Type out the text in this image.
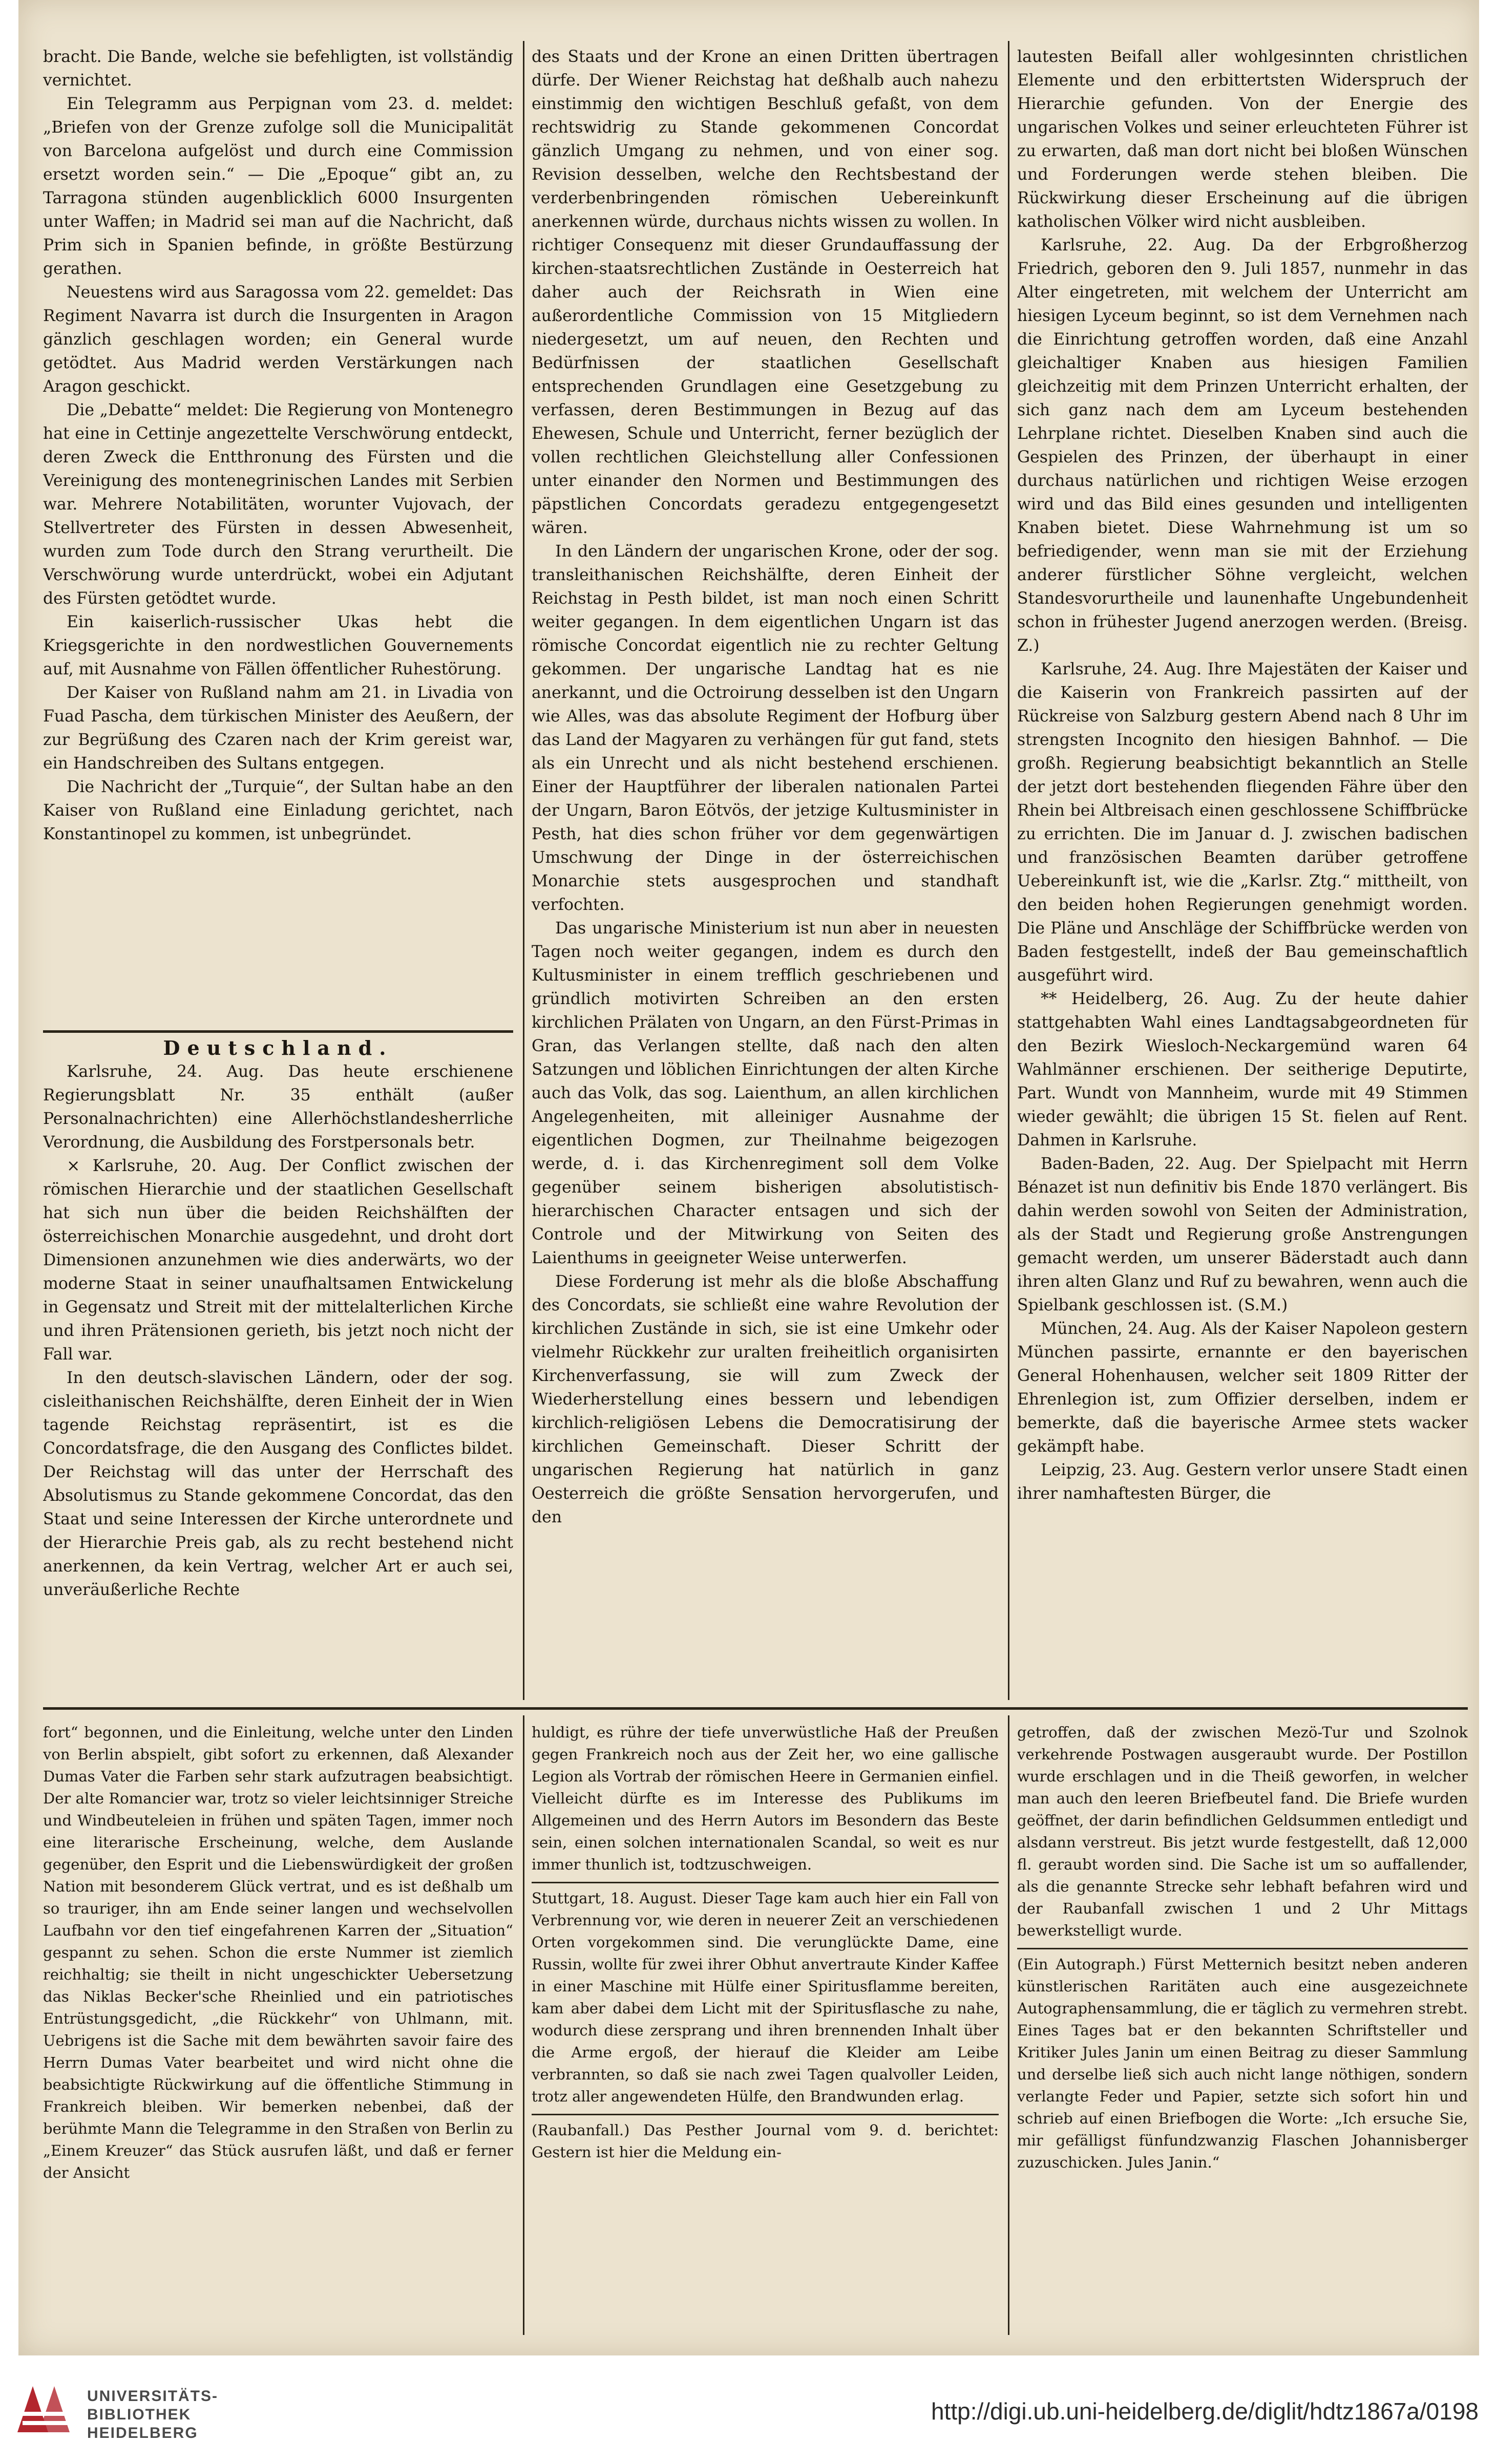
bracht. Die Bande, welche sie befehligten, ist vollständig vernichtet.

Ein Telegramm aus Perpignan vom 23. d. meldet: „Briefen von der Grenze zufolge soll die Municipalität von Barcelona aufgelöst und durch eine Commission ersetzt worden sein.“ — Die „Epoque“ gibt an, zu Tarragona stünden augenblicklich 6000 Insurgenten unter Waffen; in Madrid sei man auf die Nachricht, daß Prim sich in Spanien befinde, in größte Bestürzung gerathen.

Neuestens wird aus Saragossa vom 22. gemeldet: Das Regiment Navarra ist durch die Insurgenten in Aragon gänzlich geschlagen worden; ein General wurde getödtet. Aus Madrid werden Verstärkungen nach Aragon geschickt.

Die „Debatte“ meldet: Die Regierung von Montenegro hat eine in Cettinje angezettelte Verschwörung entdeckt, deren Zweck die Entthronung des Fürsten und die Vereinigung des montenegrinischen Landes mit Serbien war. Mehrere Notabilitäten, worunter Vujovach, der Stellvertreter des Fürsten in dessen Abwesenheit, wurden zum Tode durch den Strang verurtheilt. Die Verschwörung wurde unterdrückt, wobei ein Adjutant des Fürsten getödtet wurde.

Ein kaiserlich-russischer Ukas hebt die Kriegsgerichte in den nordwestlichen Gouvernements auf, mit Ausnahme von Fällen öffentlicher Ruhestörung.

Der Kaiser von Rußland nahm am 21. in Livadia von Fuad Pascha, dem türkischen Minister des Aeußern, der zur Begrüßung des Czaren nach der Krim gereist war, ein Handschreiben des Sultans entgegen.

Die Nachricht der „Turquie“, der Sultan habe an den Kaiser von Rußland eine Einladung gerichtet, nach Konstantinopel zu kommen, ist unbegründet.

Deutschland.

Karlsruhe, 24. Aug. Das heute erschienene Regierungsblatt Nr. 35 enthält (außer Personalnachrichten) eine Allerhöchstlandesherrliche Verordnung, die Ausbildung des Forstpersonals betr.

× Karlsruhe, 20. Aug. Der Conflict zwischen der römischen Hierarchie und der staatlichen Gesellschaft hat sich nun über die beiden Reichshälften der österreichischen Monarchie ausgedehnt, und droht dort Dimensionen anzunehmen wie dies anderwärts, wo der moderne Staat in seiner unaufhaltsamen Entwickelung in Gegensatz und Streit mit der mittelalterlichen Kirche und ihren Prätensionen gerieth, bis jetzt noch nicht der Fall war.

In den deutsch-slavischen Ländern, oder der sog. cisleithanischen Reichshälfte, deren Einheit der in Wien tagende Reichstag repräsentirt, ist es die Concordatsfrage, die den Ausgang des Conflictes bildet. Der Reichstag will das unter der Herrschaft des Absolutismus zu Stande gekommene Concordat, das den Staat und seine Interessen der Kirche unterordnete und der Hierarchie Preis gab, als zu recht bestehend nicht anerkennen, da kein Vertrag, welcher Art er auch sei, unveräußerliche Rechte

des Staats und der Krone an einen Dritten übertragen dürfe. Der Wiener Reichstag hat deßhalb auch nahezu einstimmig den wichtigen Beschluß gefaßt, von dem rechtswidrig zu Stande gekommenen Concordat gänzlich Umgang zu nehmen, und von einer sog. Revision desselben, welche den Rechtsbestand der verderbenbringenden römischen Uebereinkunft anerkennen würde, durchaus nichts wissen zu wollen. In richtiger Consequenz mit dieser Grundauffassung der kirchen-staatsrechtlichen Zustände in Oesterreich hat daher auch der Reichsrath in Wien eine außerordentliche Commission von 15 Mitgliedern niedergesetzt, um auf neuen, den Rechten und Bedürfnissen der staatlichen Gesellschaft entsprechenden Grundlagen eine Gesetzgebung zu verfassen, deren Bestimmungen in Bezug auf das Ehewesen, Schule und Unterricht, ferner bezüglich der vollen rechtlichen Gleichstellung aller Confessionen unter einander den Normen und Bestimmungen des päpstlichen Concordats geradezu entgegengesetzt wären.

In den Ländern der ungarischen Krone, oder der sog. transleithanischen Reichshälfte, deren Einheit der Reichstag in Pesth bildet, ist man noch einen Schritt weiter gegangen. In dem eigentlichen Ungarn ist das römische Concordat eigentlich nie zu rechter Geltung gekommen. Der ungarische Landtag hat es nie anerkannt, und die Octroirung desselben ist den Ungarn wie Alles, was das absolute Regiment der Hofburg über das Land der Magyaren zu verhängen für gut fand, stets als ein Unrecht und als nicht bestehend erschienen. Einer der Hauptführer der liberalen nationalen Partei der Ungarn, Baron Eötvös, der jetzige Kultusminister in Pesth, hat dies schon früher vor dem gegenwärtigen Umschwung der Dinge in der österreichischen Monarchie stets ausgesprochen und standhaft verfochten.

Das ungarische Ministerium ist nun aber in neuesten Tagen noch weiter gegangen, indem es durch den Kultusminister in einem trefflich geschriebenen und gründlich motivirten Schreiben an den ersten kirchlichen Prälaten von Ungarn, an den Fürst-Primas in Gran, das Verlangen stellte, daß nach den alten Satzungen und löblichen Einrichtungen der alten Kirche auch das Volk, das sog. Laienthum, an allen kirchlichen Angelegenheiten, mit alleiniger Ausnahme der eigentlichen Dogmen, zur Theilnahme beigezogen werde, d. i. das Kirchenregiment soll dem Volke gegenüber seinem bisherigen absolutistisch-hierarchischen Character entsagen und sich der Controle und der Mitwirkung von Seiten des Laienthums in geeigneter Weise unterwerfen.

Diese Forderung ist mehr als die bloße Abschaffung des Concordats, sie schließt eine wahre Revolution der kirchlichen Zustände in sich, sie ist eine Umkehr oder vielmehr Rückkehr zur uralten freiheitlich organisirten Kirchenverfassung, sie will zum Zweck der Wiederherstellung eines bessern und lebendigen kirchlich-religiösen Lebens die Democratisirung der kirchlichen Gemeinschaft. Dieser Schritt der ungarischen Regierung hat natürlich in ganz Oesterreich die größte Sensation hervorgerufen, und den

lautesten Beifall aller wohlgesinnten christlichen Elemente und den erbittertsten Widerspruch der Hierarchie gefunden. Von der Energie des ungarischen Volkes und seiner erleuchteten Führer ist zu erwarten, daß man dort nicht bei bloßen Wünschen und Forderungen werde stehen bleiben. Die Rückwirkung dieser Erscheinung auf die übrigen katholischen Völker wird nicht ausbleiben.

Karlsruhe, 22. Aug. Da der Erbgroßherzog Friedrich, geboren den 9. Juli 1857, nunmehr in das Alter eingetreten, mit welchem der Unterricht am hiesigen Lyceum beginnt, so ist dem Vernehmen nach die Einrichtung getroffen worden, daß eine Anzahl gleichaltiger Knaben aus hiesigen Familien gleichzeitig mit dem Prinzen Unterricht erhalten, der sich ganz nach dem am Lyceum bestehenden Lehrplane richtet. Dieselben Knaben sind auch die Gespielen des Prinzen, der überhaupt in einer durchaus natürlichen und richtigen Weise erzogen wird und das Bild eines gesunden und intelligenten Knaben bietet. Diese Wahrnehmung ist um so befriedigender, wenn man sie mit der Erziehung anderer fürstlicher Söhne vergleicht, welchen Standesvorurtheile und launenhafte Ungebundenheit schon in frühester Jugend anerzogen werden. (Breisg. Z.)

Karlsruhe, 24. Aug. Ihre Majestäten der Kaiser und die Kaiserin von Frankreich passirten auf der Rückreise von Salzburg gestern Abend nach 8 Uhr im strengsten Incognito den hiesigen Bahnhof. — Die großh. Regierung beabsichtigt bekanntlich an Stelle der jetzt dort bestehenden fliegenden Fähre über den Rhein bei Altbreisach einen geschlossene Schiffbrücke zu errichten. Die im Januar d. J. zwischen badischen und französischen Beamten darüber getroffene Uebereinkunft ist, wie die „Karlsr. Ztg.“ mittheilt, von den beiden hohen Regierungen genehmigt worden. Die Pläne und Anschläge der Schiffbrücke werden von Baden festgestellt, indeß der Bau gemeinschaftlich ausgeführt wird.

** Heidelberg, 26. Aug. Zu der heute dahier stattgehabten Wahl eines Landtagsabgeordneten für den Bezirk Wiesloch-Neckargemünd waren 64 Wahlmänner erschienen. Der seitherige Deputirte, Part. Wundt von Mannheim, wurde mit 49 Stimmen wieder gewählt; die übrigen 15 St. fielen auf Rent. Dahmen in Karlsruhe.

Baden-Baden, 22. Aug. Der Spielpacht mit Herrn Bénazet ist nun definitiv bis Ende 1870 verlängert. Bis dahin werden sowohl von Seiten der Administration, als der Stadt und Regierung große Anstrengungen gemacht werden, um unserer Bäderstadt auch dann ihren alten Glanz und Ruf zu bewahren, wenn auch die Spielbank geschlossen ist. (S.M.)

München, 24. Aug. Als der Kaiser Napoleon gestern München passirte, ernannte er den bayerischen General Hohenhausen, welcher seit 1809 Ritter der Ehrenlegion ist, zum Offizier derselben, indem er bemerkte, daß die bayerische Armee stets wacker gekämpft habe.

Leipzig, 23. Aug. Gestern verlor unsere Stadt einen ihrer namhaftesten Bürger, die

fort“ begonnen, und die Einleitung, welche unter den Linden von Berlin abspielt, gibt sofort zu erkennen, daß Alexander Dumas Vater die Farben sehr stark aufzutragen beabsichtigt. Der alte Romancier war, trotz so vieler leichtsinniger Streiche und Windbeuteleien in frühen und späten Tagen, immer noch eine literarische Erscheinung, welche, dem Auslande gegenüber, den Esprit und die Liebenswürdigkeit der großen Nation mit besonderem Glück vertrat, und es ist deßhalb um so trauriger, ihn am Ende seiner langen und wechselvollen Laufbahn vor den tief eingefahrenen Karren der „Situation“ gespannt zu sehen. Schon die erste Nummer ist ziemlich reichhaltig; sie theilt in nicht ungeschickter Uebersetzung das Niklas Becker'sche Rheinlied und ein patriotisches Entrüstungsgedicht, „die Rückkehr“ von Uhlmann, mit. Uebrigens ist die Sache mit dem bewährten savoir faire des Herrn Dumas Vater bearbeitet und wird nicht ohne die beabsichtigte Rückwirkung auf die öffentliche Stimmung in Frankreich bleiben. Wir bemerken nebenbei, daß der berühmte Mann die Telegramme in den Straßen von Berlin zu „Einem Kreuzer“ das Stück ausrufen läßt, und daß er ferner der Ansicht

huldigt, es rühre der tiefe unverwüstliche Haß der Preußen gegen Frankreich noch aus der Zeit her, wo eine gallische Legion als Vortrab der römischen Heere in Germanien einfiel. Vielleicht dürfte es im Interesse des Publikums im Allgemeinen und des Herrn Autors im Besondern das Beste sein, einen solchen internationalen Scandal, so weit es nur immer thunlich ist, todtzuschweigen.

Stuttgart, 18. August. Dieser Tage kam auch hier ein Fall von Verbrennung vor, wie deren in neuerer Zeit an verschiedenen Orten vorgekommen sind. Die verunglückte Dame, eine Russin, wollte für zwei ihrer Obhut anvertraute Kinder Kaffee in einer Maschine mit Hülfe einer Spiritusflamme bereiten, kam aber dabei dem Licht mit der Spiritusflasche zu nahe, wodurch diese zersprang und ihren brennenden Inhalt über die Arme ergoß, der hierauf die Kleider am Leibe verbrannten, so daß sie nach zwei Tagen qualvoller Leiden, trotz aller angewendeten Hülfe, den Brandwunden erlag.

(Raubanfall.) Das Pesther Journal vom 9. d. berichtet: Gestern ist hier die Meldung ein-

getroffen, daß der zwischen Mezö-Tur und Szolnok verkehrende Postwagen ausgeraubt wurde. Der Postillon wurde erschlagen und in die Theiß geworfen, in welcher man auch den leeren Briefbeutel fand. Die Briefe wurden geöffnet, der darin befindlichen Geldsummen entledigt und alsdann verstreut. Bis jetzt wurde festgestellt, daß 12,000 fl. geraubt worden sind. Die Sache ist um so auffallender, als die genannte Strecke sehr lebhaft befahren wird und der Raubanfall zwischen 1 und 2 Uhr Mittags bewerkstelligt wurde.

(Ein Autograph.) Fürst Metternich besitzt neben anderen künstlerischen Raritäten auch eine ausgezeichnete Autographensammlung, die er täglich zu vermehren strebt. Eines Tages bat er den bekannten Schriftsteller und Kritiker Jules Janin um einen Beitrag zu dieser Sammlung und derselbe ließ sich auch nicht lange nöthigen, sondern verlangte Feder und Papier, setzte sich sofort hin und schrieb auf einen Briefbogen die Worte: „Ich ersuche Sie, mir gefälligst fünfundzwanzig Flaschen Johannisberger zuzuschicken. Jules Janin.“

UNIVERSITÄTS-
BIBLIOTHEK
HEIDELBERG
http://digi.ub.uni-heidelberg.de/diglit/hdtz1867a/0198
